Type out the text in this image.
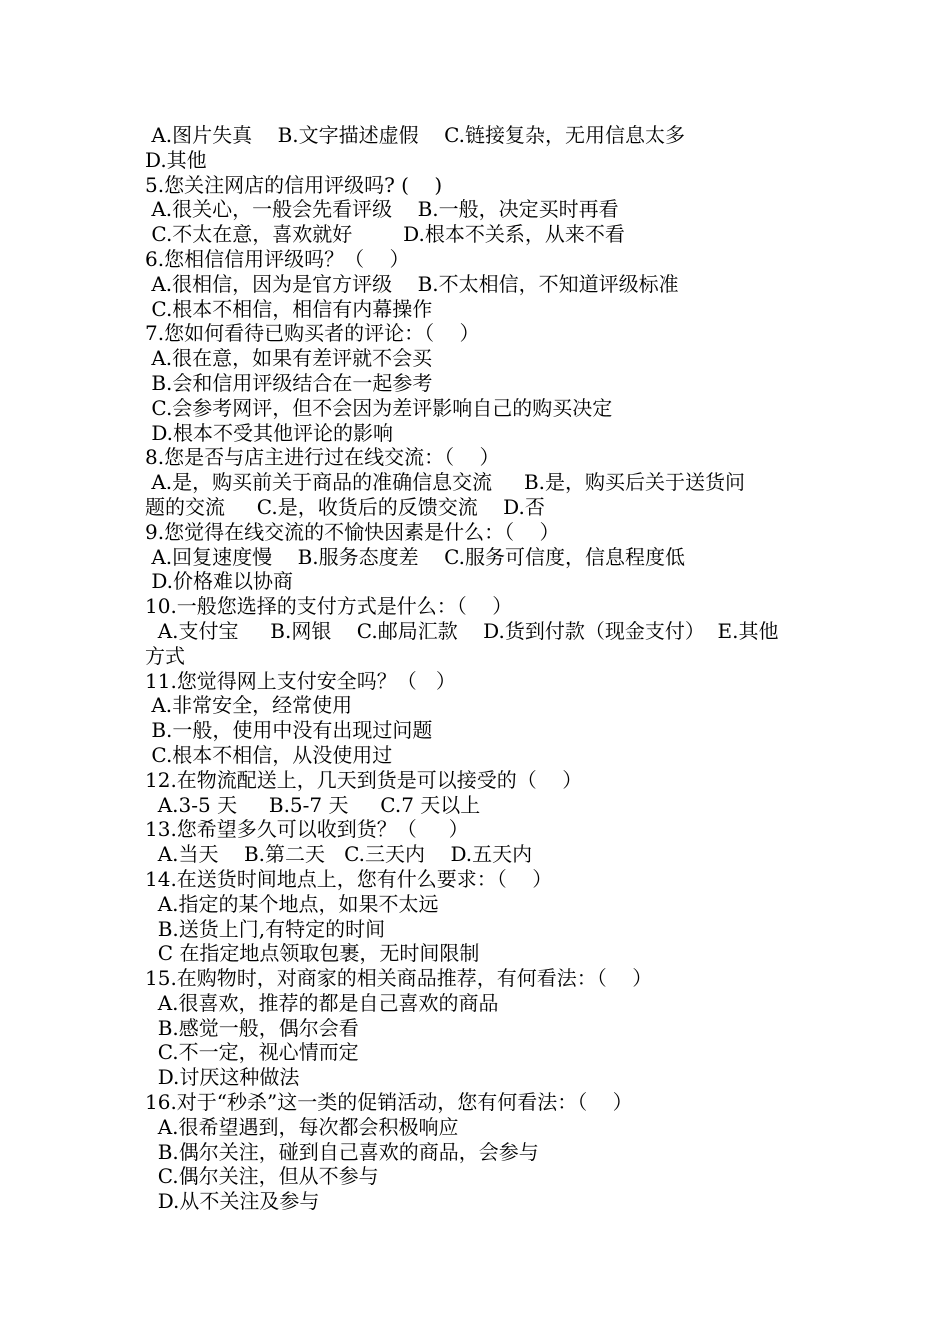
A.图片失真    B.文字描述虚假    C.链接复杂，无用信息太多
D.其他
5.您关注网店的信用评级吗? (    )
A.很关心，一般会先看评级    B.一般，决定买时再看
C.不太在意，喜欢就好        D.根本不关系，从来不看
6.您相信信用评级吗？（    ）
A.很相信，因为是官方评级    B.不太相信，不知道评级标准
C.根本不相信，相信有内幕操作
7.您如何看待已购买者的评论：（    ）
A.很在意，如果有差评就不会买
B.会和信用评级结合在一起参考
C.会参考网评，但不会因为差评影响自己的购买决定
D.根本不受其他评论的影响
8.您是否与店主进行过在线交流：（    ）
A.是，购买前关于商品的准确信息交流     B.是，购买后关于送货问
题的交流     C.是，收货后的反馈交流    D.否
9.您觉得在线交流的不愉快因素是什么：（    ）
A.回复速度慢    B.服务态度差    C.服务可信度，信息程度低
D.价格难以协商
10.一般您选择的支付方式是什么：（    ）
A.支付宝     B.网银    C.邮局汇款    D.货到付款（现金支付）  E.其他
方式
11.您觉得网上支付安全吗？（   ）
A.非常安全，经常使用
B.一般，使用中没有出现过问题
C.根本不相信，从没使用过
12.在物流配送上，几天到货是可以接受的（    ）
A.3-5 天     B.5-7 天     C.7 天以上
13.您希望多久可以收到货？（     ）
A.当天    B.第二天   C.三天内    D.五天内
14.在送货时间地点上，您有什么要求：（    ）
A.指定的某个地点，如果不太远
B.送货上门,有特定的时间
C 在指定地点领取包裹，无时间限制
15.在购物时，对商家的相关商品推荐，有何看法：（    ）
A.很喜欢，推荐的都是自己喜欢的商品
B.感觉一般，偶尔会看
C.不一定，视心情而定
D.讨厌这种做法
16.对于“秒杀”这一类的促销活动，您有何看法：（    ）
A.很希望遇到，每次都会积极响应
B.偶尔关注，碰到自己喜欢的商品，会参与
C.偶尔关注，但从不参与
D.从不关注及参与
